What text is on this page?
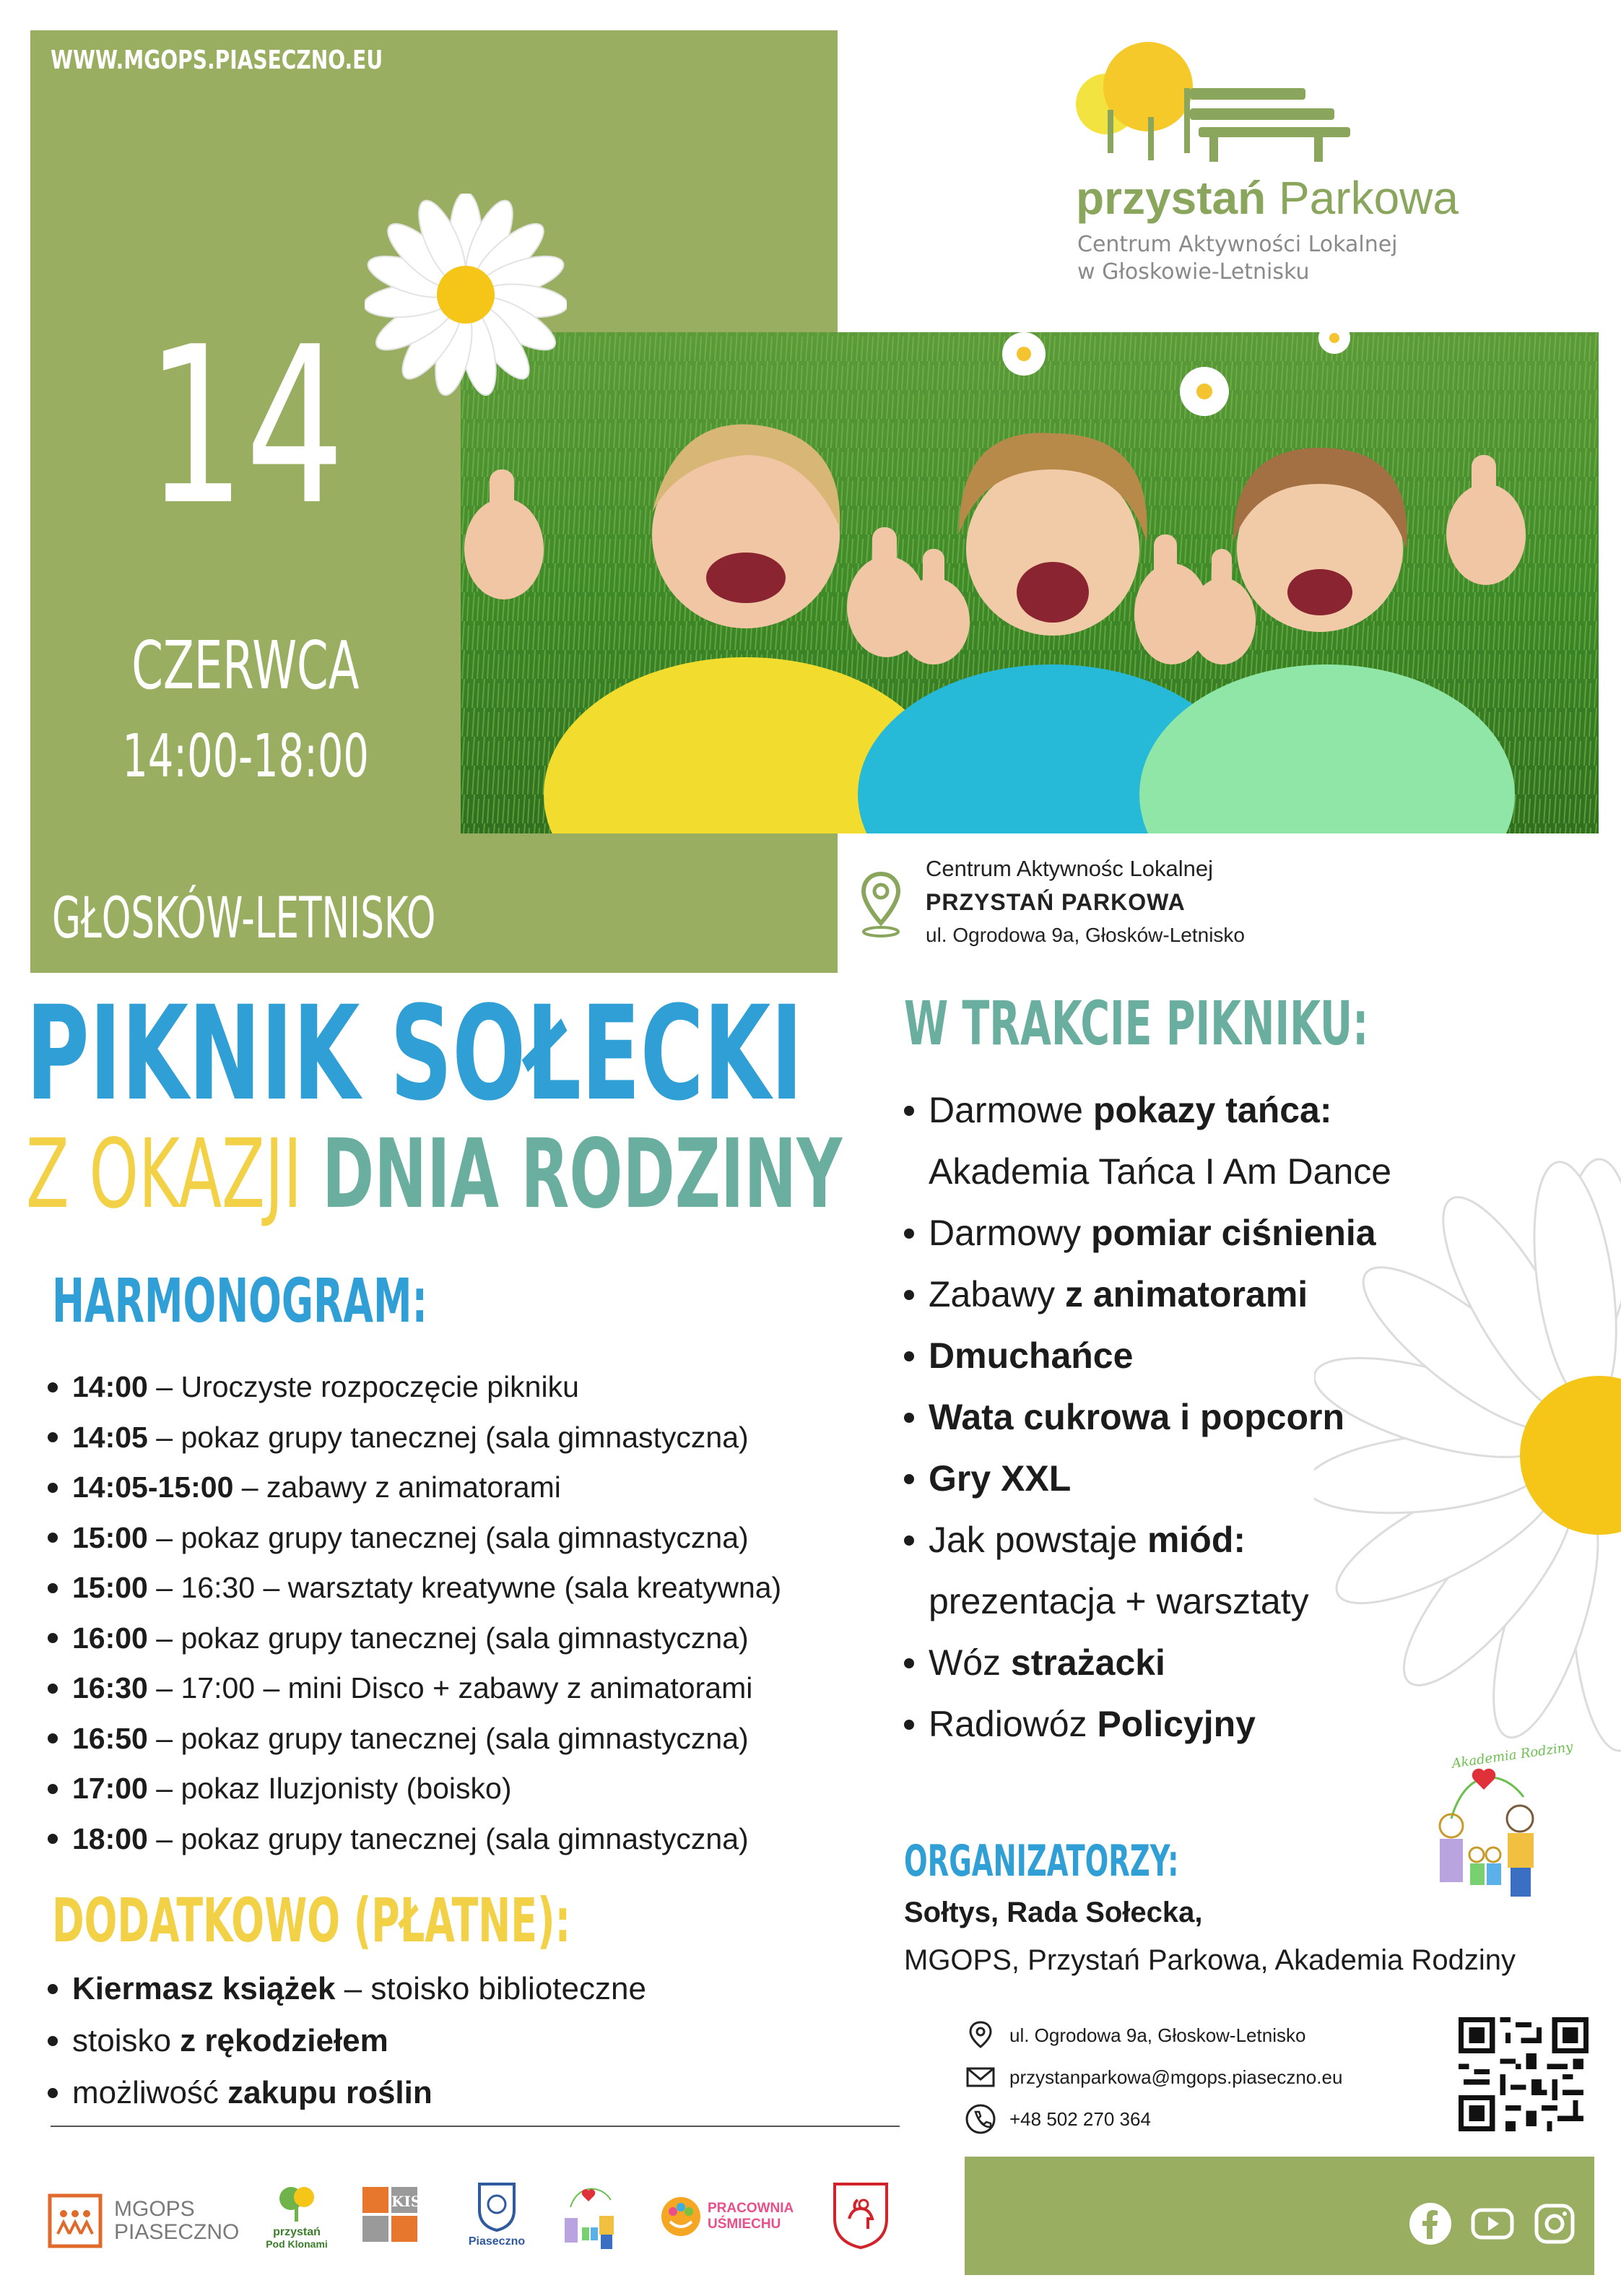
WWW.MGOPS.PIASECZNO.EU
14
CZERWCA
14:00-18:00
GŁOSKÓW-LETNISKO
przystań Parkowa
Centrum Aktywności Lokalnej
w Głoskowie-Letnisku
Centrum Aktywnośc Lokalnej
PRZYSTAŃ PARKOWA
ul. Ogrodowa 9a, Głosków-Letnisko
PIKNIK SOŁECKI
Z OKAZJI DNIA RODZINY
HARMONOGRAM:
14:00 – Uroczyste rozpoczęcie pikniku
14:05 – pokaz grupy tanecznej (sala gimnastyczna)
14:05-15:00 – zabawy z animatorami
15:00 – pokaz grupy tanecznej (sala gimnastyczna)
15:00 – 16:30 – warsztaty kreatywne (sala kreatywna)
16:00 – pokaz grupy tanecznej (sala gimnastyczna)
16:30 – 17:00 – mini Disco + zabawy z animatorami
16:50 – pokaz grupy tanecznej (sala gimnastyczna)
17:00 – pokaz Iluzjonisty (boisko)
18:00 – pokaz grupy tanecznej (sala gimnastyczna)
DODATKOWO (PŁATNE):
Kiermasz książek – stoisko biblioteczne
stoisko z rękodziełem
możliwość zakupu roślin
W TRAKCIE PIKNIKU:
Darmowe pokazy tańca:
Akademia Tańca I Am Dance
Darmowy pomiar ciśnienia
Zabawy z animatorami
Dmuchańce
Wata cukrowa i popcorn
Gry XXL
Jak powstaje miód:
prezentacja + warsztaty
Wóz strażacki
Radiowóz Policyjny
Akademia Rodziny
ORGANIZATORZY:
Sołtys, Rada Sołecka,
MGOPS, Przystań Parkowa, Akademia Rodziny
ul. Ogrodowa 9a, Głoskow-Letnisko
przystanparkowa@mgops.piaseczno.eu
+48 502 270 364
MGOPS
PIASECZNO	przystań
Pod Klonami
KIS
Piaseczno
PRACOWNIA
UŚMIECHU
